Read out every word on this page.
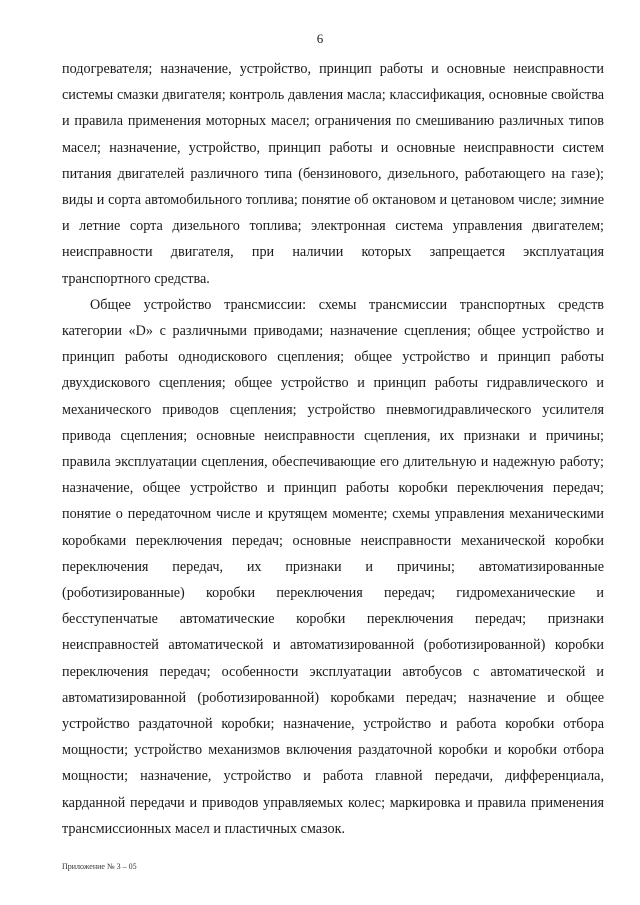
6

подогревателя; назначение, устройство, принцип работы и основные неисправности системы смазки двигателя; контроль давления масла; классификация, основные свойства и правила применения моторных масел; ограничения по смешиванию различных типов масел; назначение, устройство, принцип работы и основные неисправности систем питания двигателей различного типа (бензинового, дизельного, работающего на газе); виды и сорта автомобильного топлива; понятие об октановом и цетановом числе; зимние и летние сорта дизельного топлива; электронная система управления двигателем; неисправности двигателя, при наличии которых запрещается эксплуатация транспортного средства.

Общее устройство трансмиссии: схемы трансмиссии транспортных средств категории «D» с различными приводами; назначение сцепления; общее устройство и принцип работы однодискового сцепления; общее устройство и принцип работы двухдискового сцепления; общее устройство и принцип работы гидравлического и механического приводов сцепления; устройство пневмогидравлического усилителя привода сцепления; основные неисправности сцепления, их признаки и причины; правила эксплуатации сцепления, обеспечивающие его длительную и надежную работу; назначение, общее устройство и принцип работы коробки переключения передач; понятие о передаточном числе и крутящем моменте; схемы управления механическими коробками переключения передач; основные неисправности механической коробки переключения передач, их признаки и причины; автоматизированные (роботизированные) коробки переключения передач; гидромеханические и бесступенчатые автоматические коробки переключения передач; признаки неисправностей автоматической и автоматизированной (роботизированной) коробки переключения передач; особенности эксплуатации автобусов с автоматической и автоматизированной (роботизированной) коробками передач; назначение и общее устройство раздаточной коробки; назначение, устройство и работа коробки отбора мощности; устройство механизмов включения раздаточной коробки и коробки отбора мощности; назначение, устройство и работа главной передачи, дифференциала, карданной передачи и приводов управляемых колес; маркировка и правила применения трансмиссионных масел и пластичных смазок.

Приложение № 3 – 05
